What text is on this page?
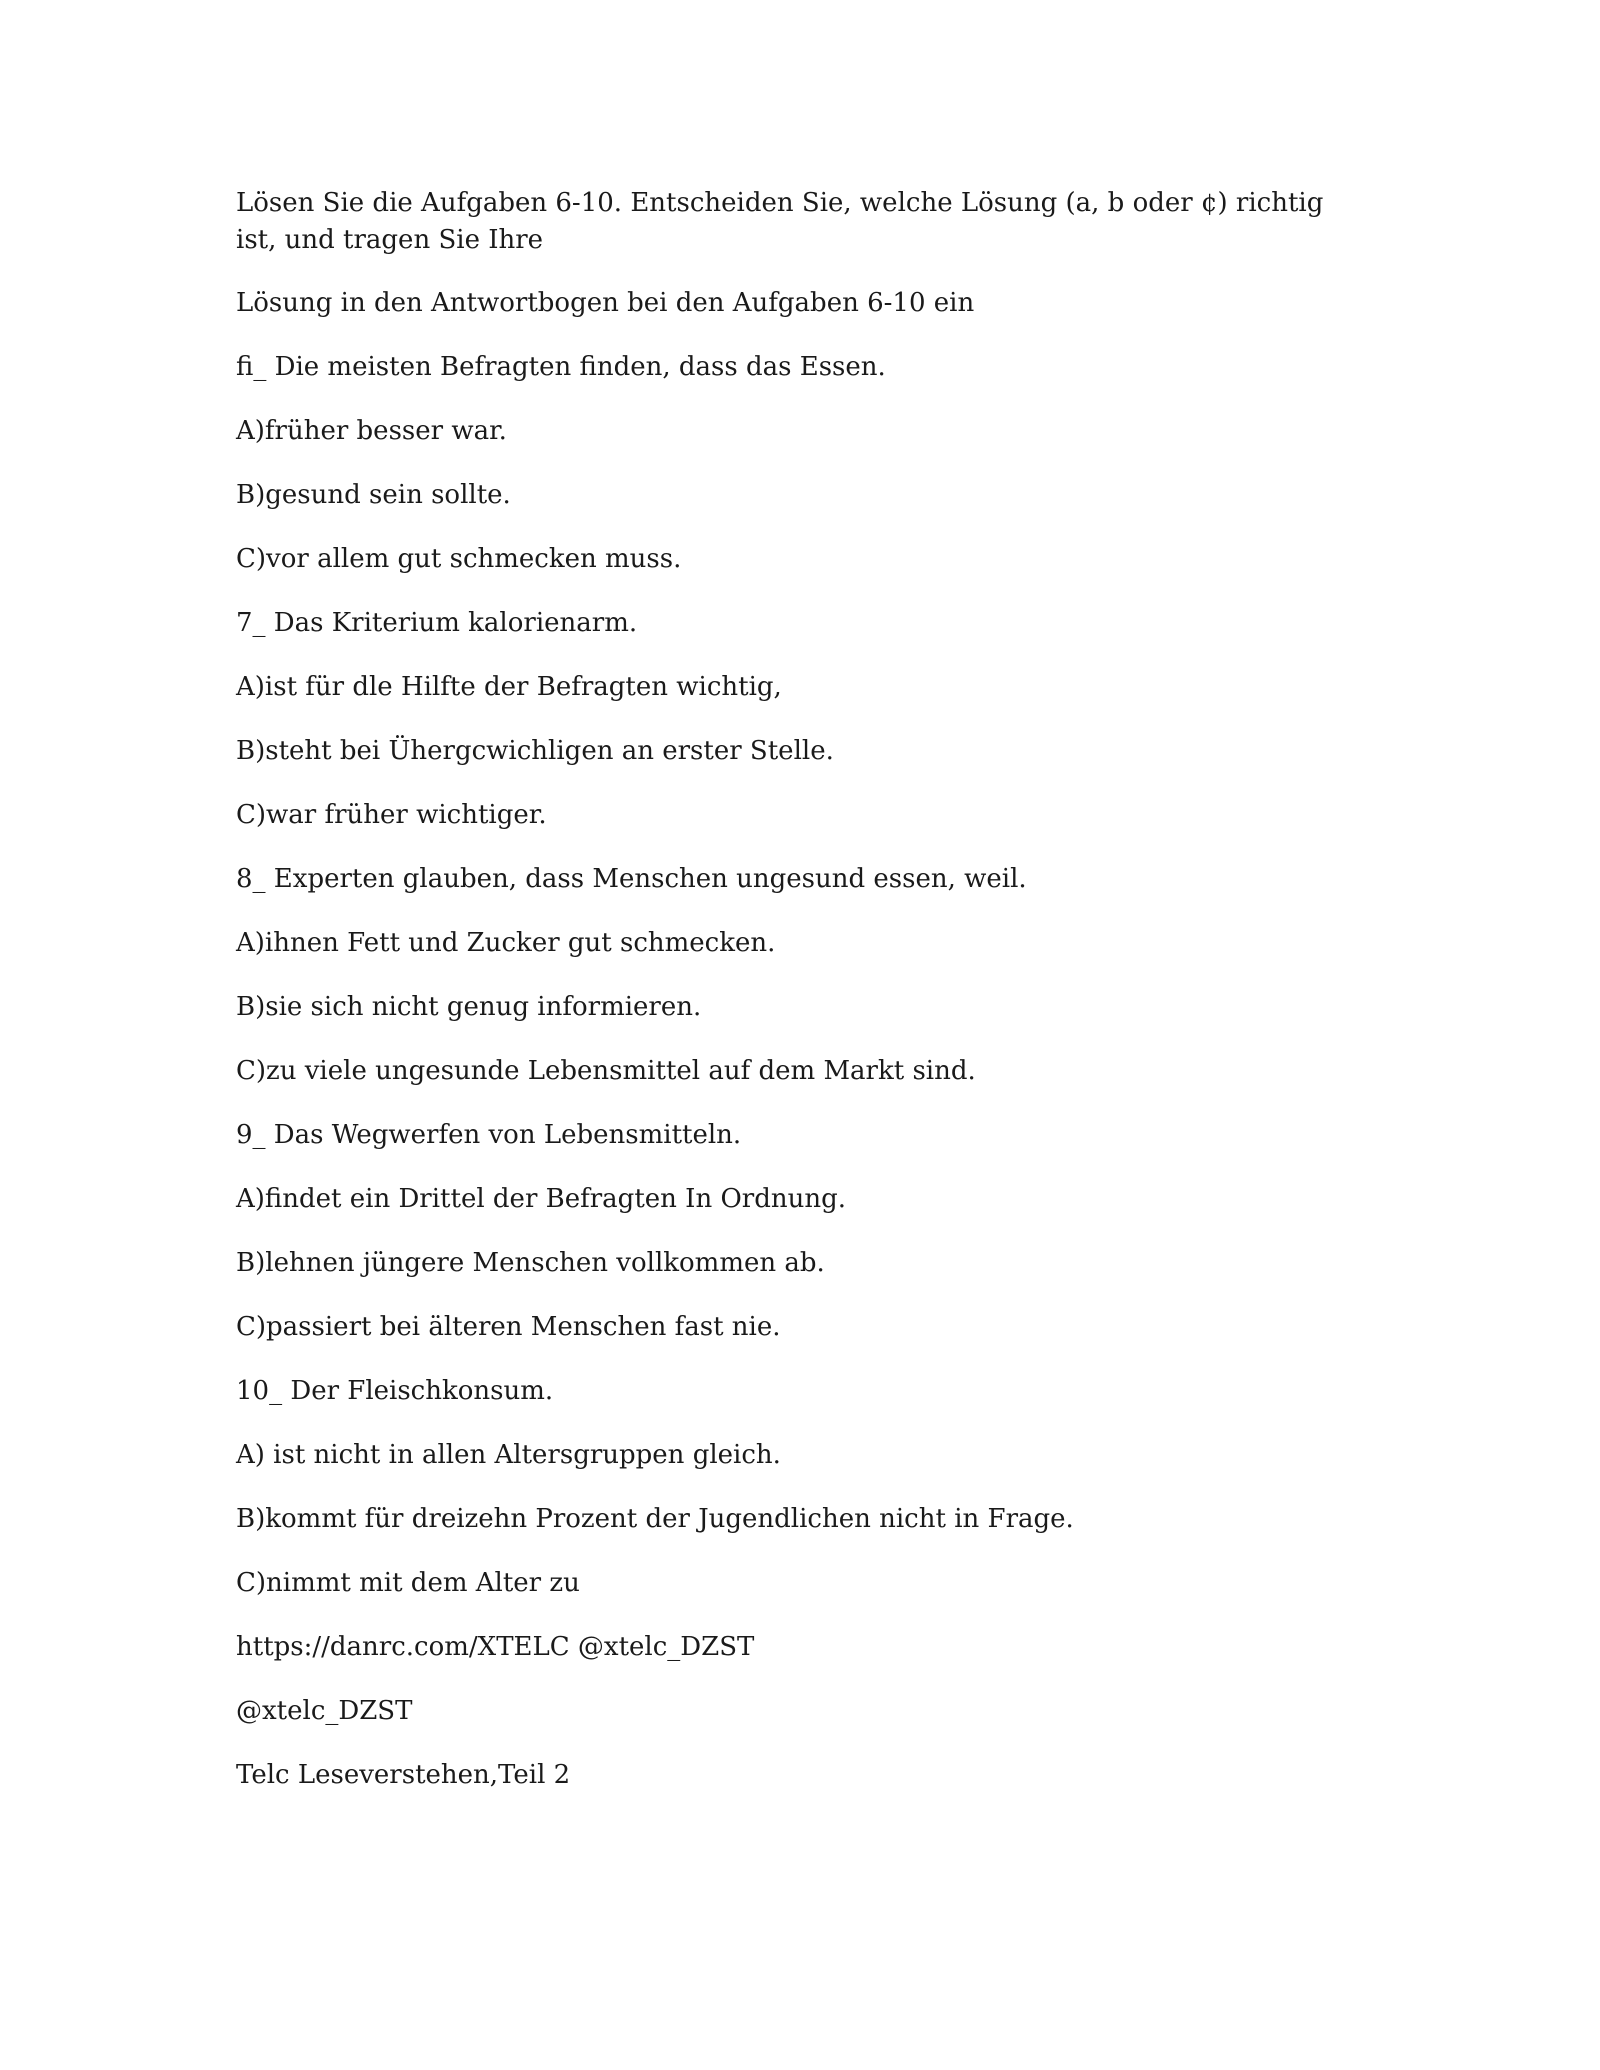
Lösen Sie die Aufgaben 6-10. Entscheiden Sie, welche Lösung (a, b oder ¢) richtig ist, und tragen Sie Ihre

Lösung in den Antwortbogen bei den Aufgaben 6-10 ein

fi_ Die meisten Befragten finden, dass das Essen.

A)früher besser war.

B)gesund sein sollte.

C)vor allem gut schmecken muss.

7_ Das Kriterium kalorienarm.

A)ist für dle Hilfte der Befragten wichtig,

B)steht bei Ühergcwichligen an erster Stelle.

C)war früher wichtiger.

8_ Experten glauben, dass Menschen ungesund essen, weil.

A)ihnen Fett und Zucker gut schmecken.

B)sie sich nicht genug informieren.

C)zu viele ungesunde Lebensmittel auf dem Markt sind.

9_ Das Wegwerfen von Lebensmitteln.

A)findet ein Drittel der Befragten In Ordnung.

B)lehnen jüngere Menschen vollkommen ab.

C)passiert bei älteren Menschen fast nie.

10_ Der Fleischkonsum.

A) ist nicht in allen Altersgruppen gleich.

B)kommt für dreizehn Prozent der Jugendlichen nicht in Frage.

C)nimmt mit dem Alter zu

https://danrc.com/XTELC @xtelc_DZST

@xtelc_DZST

Telc Leseverstehen,Teil 2
